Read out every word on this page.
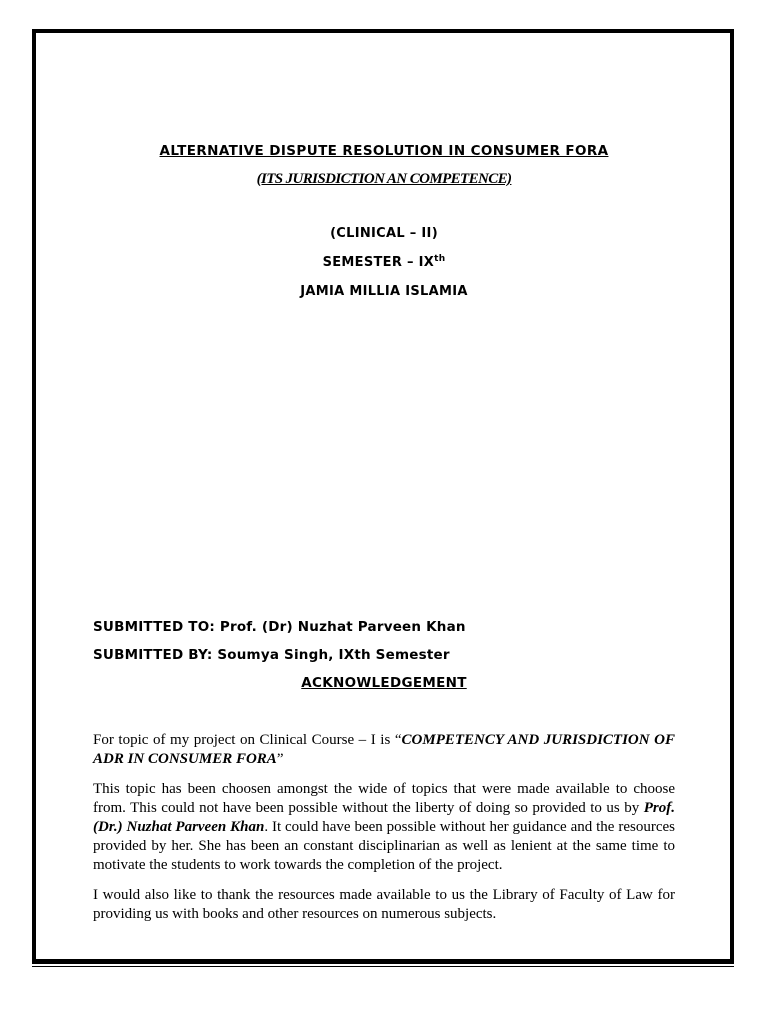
ALTERNATIVE DISPUTE RESOLUTION IN CONSUMER FORA
(ITS JURISDICTION AN COMPETENCE)
(CLINICAL – II)
SEMESTER – IXth
JAMIA MILLIA ISLAMIA
SUBMITTED TO: Prof. (Dr) Nuzhat Parveen Khan
SUBMITTED BY: Soumya Singh, IXth Semester
ACKNOWLEDGEMENT
For topic of my project on Clinical Course – I is “COMPETENCY AND JURISDICTION OF ADR IN CONSUMER FORA”
This topic has been choosen amongst the wide of topics that were made available to choose from. This could not have been possible without the liberty of doing so provided to us by Prof. (Dr.) Nuzhat Parveen Khan. It could have been possible without her guidance and the resources provided by her. She has been an constant disciplinarian as well as lenient at the same time to motivate the students to work towards the completion of the project.
I would also like to thank the resources made available to us the Library of Faculty of Law for providing us with books and other resources on numerous subjects.
